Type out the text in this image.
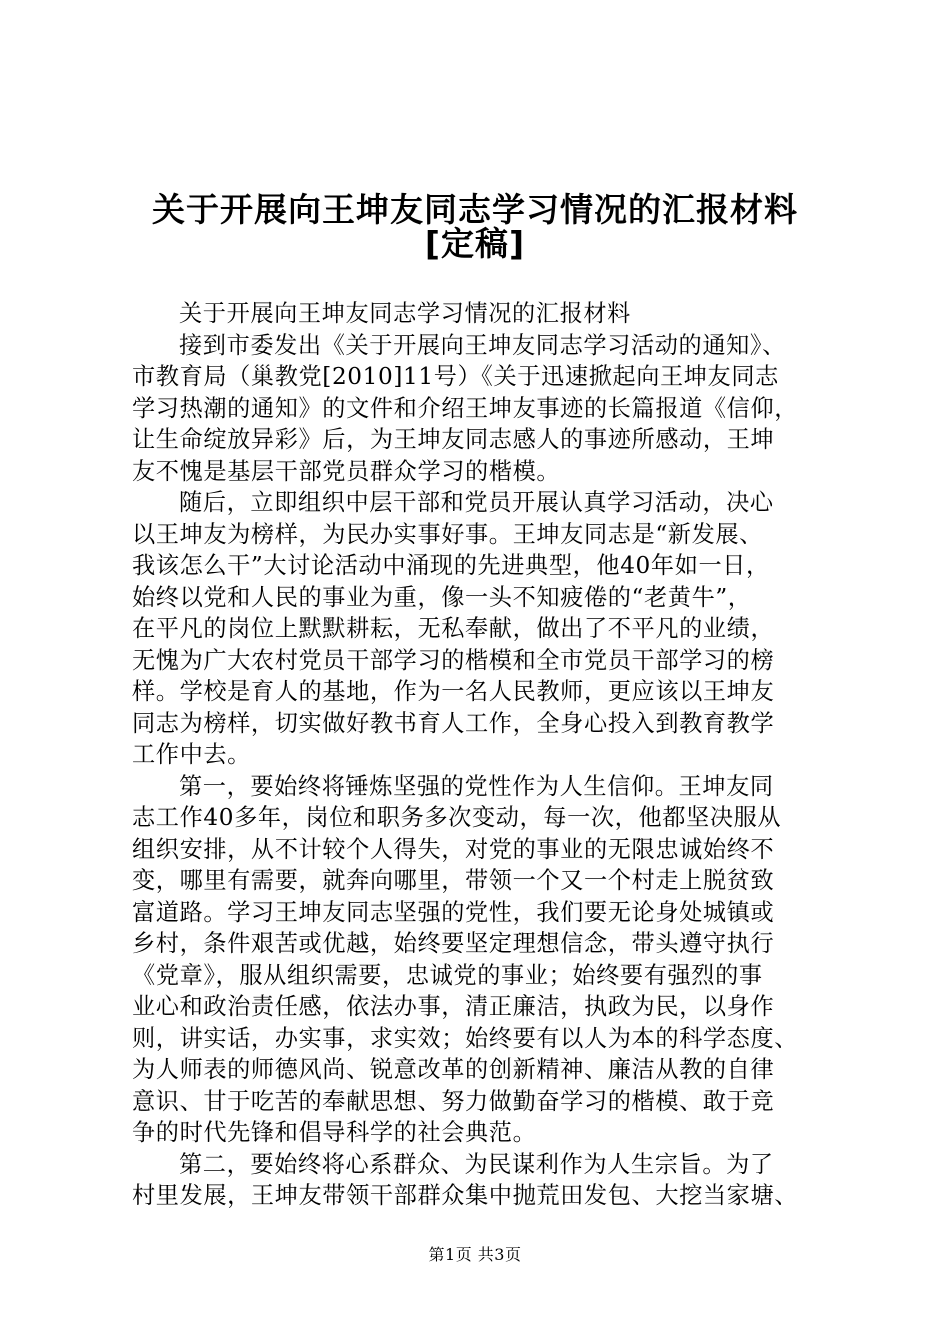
关于开展向王坤友同志学习情况的汇报材料
[定稿]
关于开展向王坤友同志学习情况的汇报材料
接到市委发出《关于开展向王坤友同志学习活动的通知》、
市教育局（巢教党[2010]11号）《关于迅速掀起向王坤友同志
学习热潮的通知》的文件和介绍王坤友事迹的长篇报道《信仰，
让生命绽放异彩》后，为王坤友同志感人的事迹所感动，王坤
友不愧是基层干部党员群众学习的楷模。
随后，立即组织中层干部和党员开展认真学习活动，决心
以王坤友为榜样，为民办实事好事。王坤友同志是“新发展、
我该怎么干”大讨论活动中涌现的先进典型，他40年如一日，
始终以党和人民的事业为重，像一头不知疲倦的“老黄牛”，
在平凡的岗位上默默耕耘，无私奉献，做出了不平凡的业绩，
无愧为广大农村党员干部学习的楷模和全市党员干部学习的榜
样。学校是育人的基地，作为一名人民教师，更应该以王坤友
同志为榜样，切实做好教书育人工作，全身心投入到教育教学
工作中去。
第一，要始终将锤炼坚强的党性作为人生信仰。王坤友同
志工作40多年，岗位和职务多次变动，每一次，他都坚决服从
组织安排，从不计较个人得失，对党的事业的无限忠诚始终不
变，哪里有需要，就奔向哪里，带领一个又一个村走上脱贫致
富道路。学习王坤友同志坚强的党性，我们要无论身处城镇或
乡村，条件艰苦或优越，始终要坚定理想信念，带头遵守执行
《党章》，服从组织需要，忠诚党的事业；始终要有强烈的事
业心和政治责任感，依法办事，清正廉洁，执政为民，以身作
则，讲实话，办实事，求实效；始终要有以人为本的科学态度、
为人师表的师德风尚、锐意改革的创新精神、廉洁从教的自律
意识、甘于吃苦的奉献思想、努力做勤奋学习的楷模、敢于竞
争的时代先锋和倡导科学的社会典范。
第二，要始终将心系群众、为民谋利作为人生宗旨。为了
村里发展，王坤友带领干部群众集中抛荒田发包、大挖当家塘、
第1页 共3页
